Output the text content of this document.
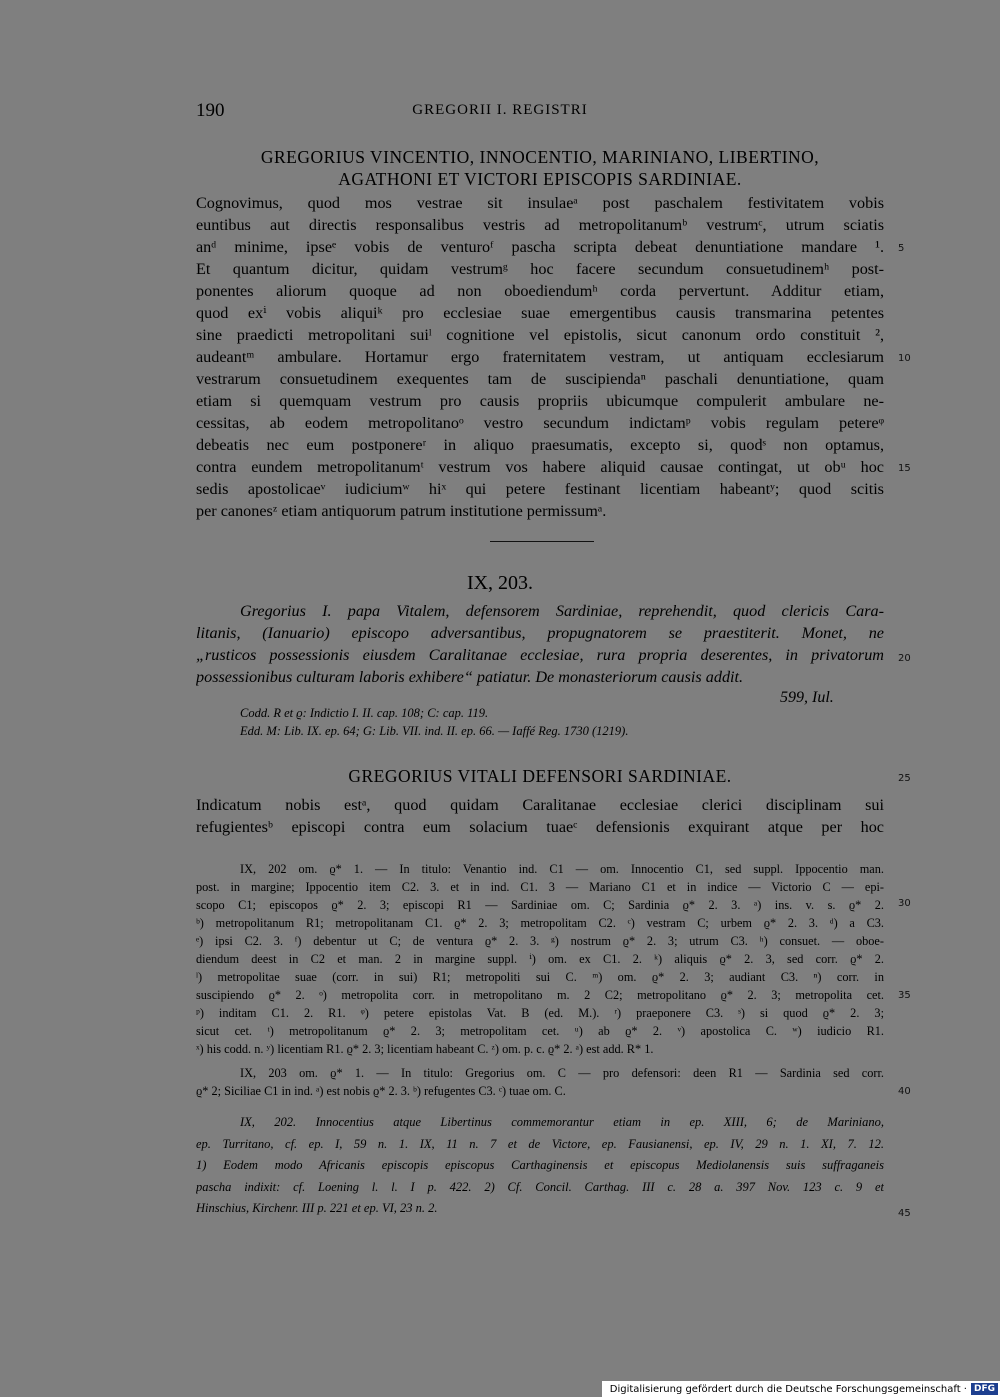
190	GREGORII I. REGISTRI
GREGORIUS VINCENTIO, INNOCENTIO, MARINIANO, LIBERTINO,
AGATHONI ET VICTORI EPISCOPIS SARDINIAE.
Cognovimus, quod mos vestrae sit insulaeᵃ post paschalem festivitatem vobis
euntibus aut directis responsalibus vestris ad metropolitanumᵇ vestrumᶜ, utrum sciatis
anᵈ minime, ipseᵉ vobis de venturoᶠ pascha scripta debeat denuntiatione mandare ¹.
Et quantum dicitur, quidam vestrumᵍ hoc facere secundum consuetudinemʰ post-
ponentes aliorum quoque ad non oboediendumʰ corda pervertunt. Additur etiam,
quod exⁱ vobis aliquiᵏ pro ecclesiae suae emergentibus causis transmarina petentes
sine praedicti metropolitani suiˡ cognitione vel epistolis, sicut canonum ordo constituit ²,
audeantᵐ ambulare. Hortamur ergo fraternitatem vestram, ut antiquam ecclesiarum
vestrarum consuetudinem exequentes tam de suscipiendaⁿ paschali denuntiatione, quam
etiam si quemquam vestrum pro causis propriis ubicumque compulerit ambulare ne-
cessitas, ab eodem metropolitanoᵒ vestro secundum indictamᵖ vobis regulam petereᵠ
debeatis nec eum postponereʳ in aliquo praesumatis, excepto si, quodˢ non optamus,
contra eundem metropolitanumᵗ vestrum vos habere aliquid causae contingat, ut obᵘ hoc
sedis apostolicaeᵛ iudiciumʷ hiˣ qui petere festinant licentiam habeantʸ; quod scitis
per canonesᶻ etiam antiquorum patrum institutione permissumᵃ.
5
10
15
IX, 203.
Gregorius I. papa Vitalem, defensorem Sardiniae, reprehendit, quod clericis Cara-
litanis, (Ianuario) episcopo adversantibus, propugnatorem se praestiterit. Monet, ne
„rusticos possessionis eiusdem Caralitanae ecclesiae, rura propria deserentes, in privatorum
possessionibus culturam laboris exhibere“ patiatur. De monasteriorum causis addit.
20
599, Iul.
Codd. R et ϱ: Indictio I. II. cap. 108; C: cap. 119.
Edd. M: Lib. IX. ep. 64; G: Lib. VII. ind. II. ep. 66. — Iaffé Reg. 1730 (1219).
GREGORIUS VITALI DEFENSORI SARDINIAE.	25
Indicatum nobis estᵃ, quod quidam Caralitanae ecclesiae clerici disciplinam sui
refugientesᵇ episcopi contra eum solacium tuaeᶜ defensionis exquirant atque per hoc
IX, 202 om. ϱ* 1. — In titulo: Venantio ind. C1 — om. Innocentio C1, sed suppl. Ippocentio man.
post. in margine; Ippocentio item C2. 3. et in ind. C1. 3 — Mariano C1 et in indice — Victorio C — epi-
scopo C1; episcopos ϱ* 2. 3; episcopi R1 — Sardiniae om. C; Sardinia ϱ* 2. 3. ᵃ) ins. v. s. ϱ* 2.
ᵇ) metropolitanum R1; metropolitanam C1. ϱ* 2. 3; metropolitam C2. ᶜ) vestram C; urbem ϱ* 2. 3. ᵈ) a C3.
ᵉ) ipsi C2. 3. ᶠ) debentur ut C; de ventura ϱ* 2. 3. ᵍ) nostrum ϱ* 2. 3; utrum C3. ʰ) consuet. — oboe-
diendum deest in C2 et man. 2 in margine suppl. ⁱ) om. ex C1. 2. ᵏ) aliquis ϱ* 2. 3, sed corr. ϱ* 2.
ˡ) metropolitae suae (corr. in sui) R1; metropoliti sui C. ᵐ) om. ϱ* 2. 3; audiant C3. ⁿ) corr. in
suscipiendo ϱ* 2. ᵒ) metropolita corr. in metropolitano m. 2 C2; metropolitano ϱ* 2. 3; metropolita cet.
ᵖ) inditam C1. 2. R1. ᵠ) petere epistolas Vat. B (ed. M.). ʳ) praeponere C3. ˢ) si quod ϱ* 2. 3;
sicut cet. ᵗ) metropolitanum ϱ* 2. 3; metropolitam cet. ᵘ) ab ϱ* 2. ᵛ) apostolica C. ʷ) iudicio R1.
ˣ) his codd. n. ʸ) licentiam R1. ϱ* 2. 3; licentiam habeant C. ᶻ) om. p. c. ϱ* 2. ᵃ) est add. R* 1.
30
35
IX, 203 om. ϱ* 1. — In titulo: Gregorius om. C — pro defensori: deen R1 — Sardinia sed corr.
ϱ* 2; Siciliae C1 in ind. ᵃ) est nobis ϱ* 2. 3. ᵇ) refugentes C3. ᶜ) tuae om. C.	40
IX, 202. Innocentius atque Libertinus commemorantur etiam in ep. XIII, 6; de Mariniano,
ep. Turritano, cf. ep. I, 59 n. 1. IX, 11 n. 7 et de Victore, ep. Fausianensi, ep. IV, 29 n. 1. XI, 7. 12.
1) Eodem modo Africanis episcopis episcopus Carthaginensis et episcopus Mediolanensis suis suffraganeis
pascha indixit: cf. Loening l. l. I p. 422. 2) Cf. Concil. Carthag. III c. 28 a. 397 Nov. 123 c. 9 et
Hinschius, Kirchenr. III p. 221 et ep. VI, 23 n. 2.	45
Digitalisierung gefördert durch die Deutsche Forschungsgemeinschaft · DFG
